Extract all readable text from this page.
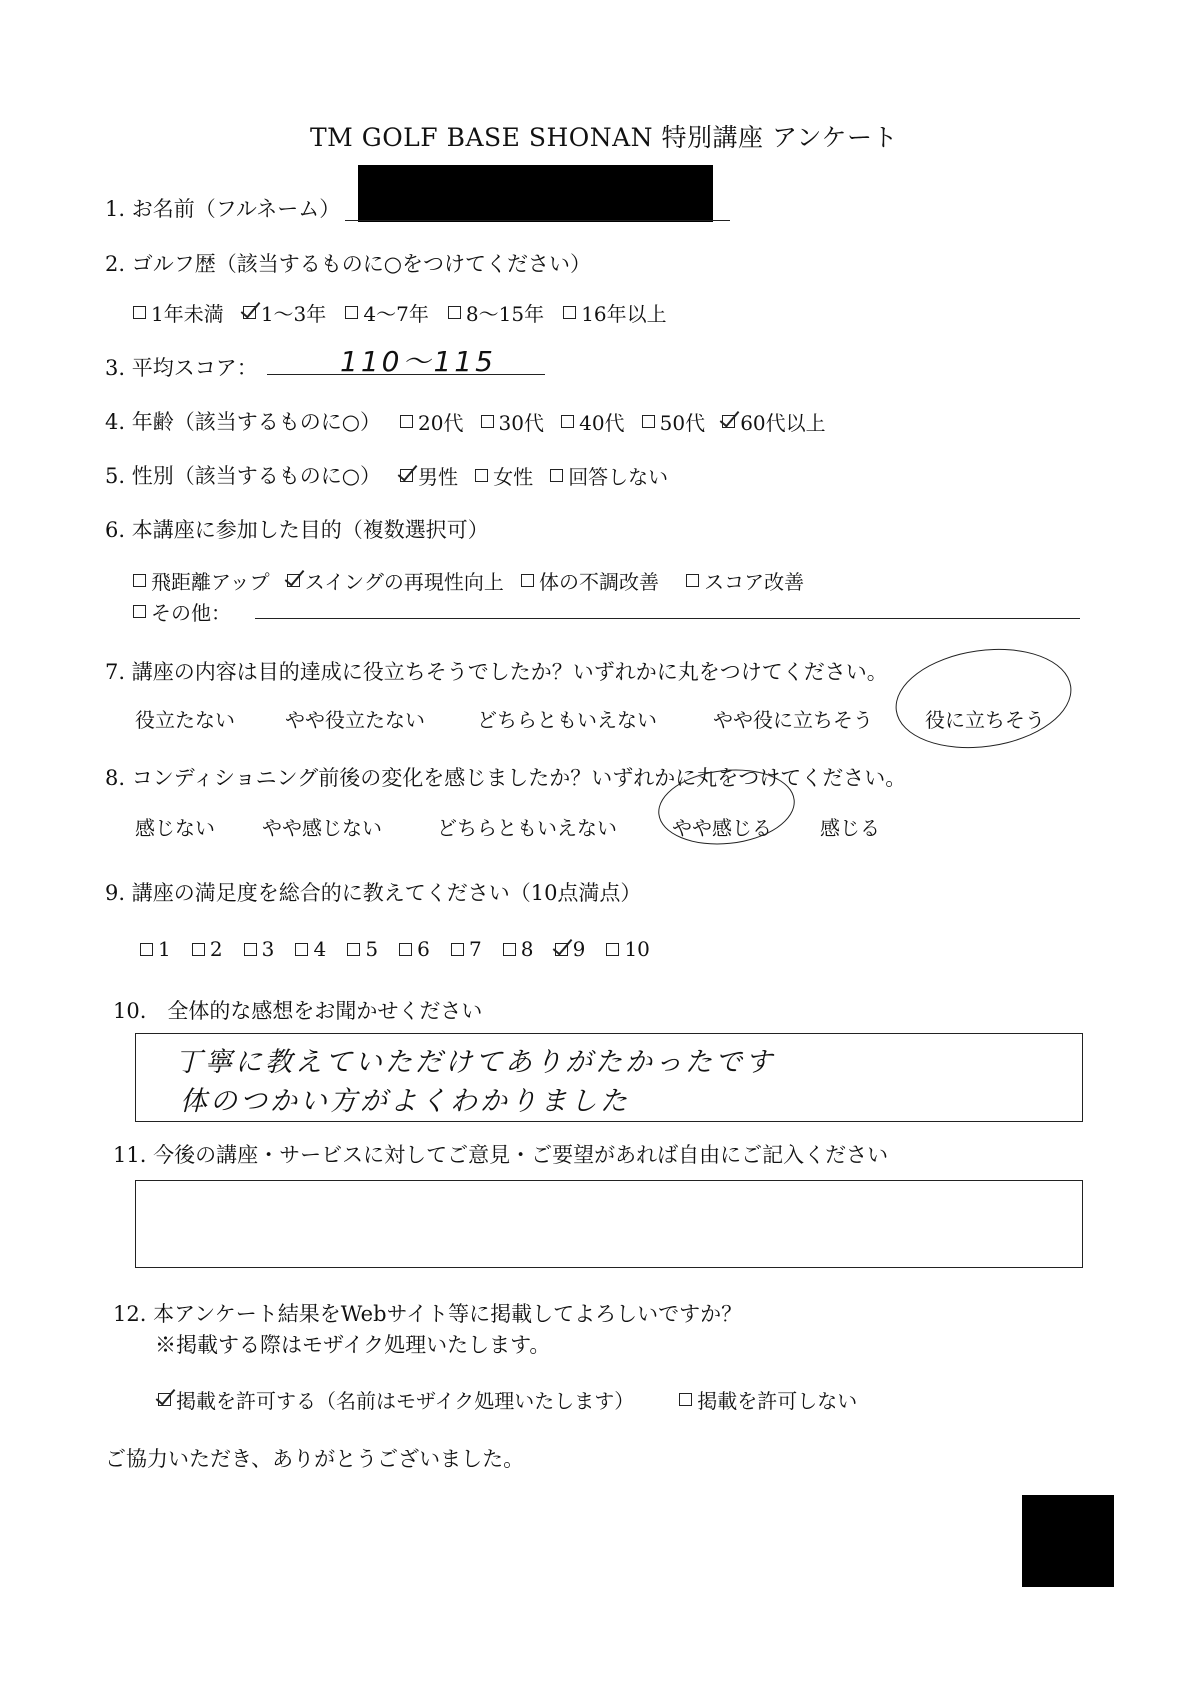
TM GOLF BASE SHONAN 特別講座 アンケート
1. お名前（フルネーム）
2. ゴルフ歴（該当するものに○をつけてください）
1年未満
1～3年
4～7年
8～15年
16年以上
3. 平均スコア：	110～115
4. 年齢（該当するものに○） 20代
30代
40代
50代
60代以上
5. 性別（該当するものに○） 男性
女性
回答しない
6. 本講座に参加した目的（複数選択可）
飛距離アップ
スイングの再現性向上
体の不調改善
スコア改善
その他：
7. 講座の内容は目的達成に役立ちそうでしたか？いずれかに丸をつけてください。
役立たない	やや役立たない	どちらともいえない	やや役に立ちそう	役に立ちそう
8. コンディショニング前後の変化を感じましたか？いずれかに丸をつけてください。
感じない やや感じない	どちらともいえない	やや感じる 感じる
9. 講座の満足度を総合的に教えてください（10点満点）
1
2
3
4
5
6
7
8
9
10
10.　全体的な感想をお聞かせください
丁寧に教えていただけてありがたかったです
体のつかい方がよくわかりました
11. 今後の講座・サービスに対してご意見・ご要望があれば自由にご記入ください
12. 本アンケート結果をWebサイト等に掲載してよろしいですか？
※掲載する際はモザイク処理いたします。
掲載を許可する（名前はモザイク処理いたします）
	掲載を許可しない
ご協力いただき、ありがとうございました。
